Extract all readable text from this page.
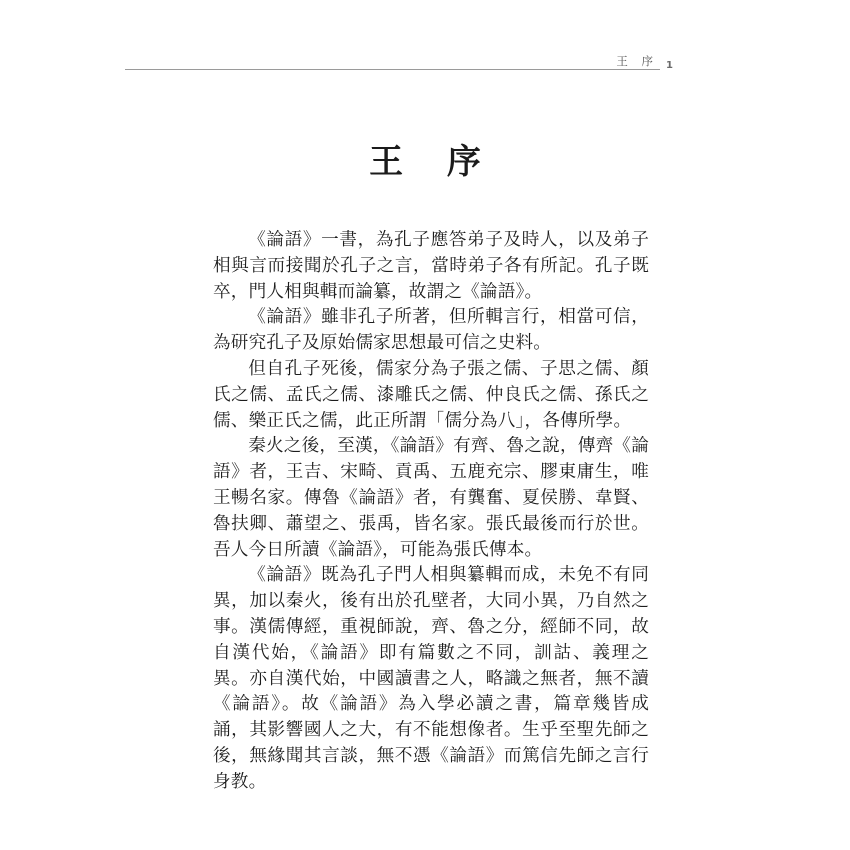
王 序 1
王 序

《論語》一書，為孔子應答弟子及時人，以及弟子相與言而接聞於孔子之言，當時弟子各有所記。孔子既卒，門人相與輯而論纂，故謂之《論語》。

《論語》雖非孔子所著，但所輯言行，相當可信，為研究孔子及原始儒家思想最可信之史料。

但自孔子死後，儒家分為子張之儒、子思之儒、顏氏之儒、孟氏之儒、漆雕氏之儒、仲良氏之儒、孫氏之儒、樂正氏之儒，此正所謂「儒分為八」，各傳所學。

秦火之後，至漢，《論語》有齊、魯之說，傳齊《論語》者，王吉、宋畸、貢禹、五鹿充宗、膠東庸生，唯王暢名家。傳魯《論語》者，有龔奮、夏侯勝、韋賢、魯扶卿、蕭望之、張禹，皆名家。張氏最後而行於世。吾人今日所讀《論語》，可能為張氏傳本。

《論語》既為孔子門人相與纂輯而成，未免不有同異，加以秦火，後有出於孔壁者，大同小異，乃自然之事。漢儒傳經，重視師說，齊、魯之分，經師不同，故自漢代始，《論語》即有篇數之不同，訓詁、義理之異。亦自漢代始，中國讀書之人，略識之無者，無不讀《論語》。故《論語》為入學必讀之書，篇章幾皆成誦，其影響國人之大，有不能想像者。生乎至聖先師之後，無緣聞其言談，無不憑《論語》而篤信先師之言行身教。
